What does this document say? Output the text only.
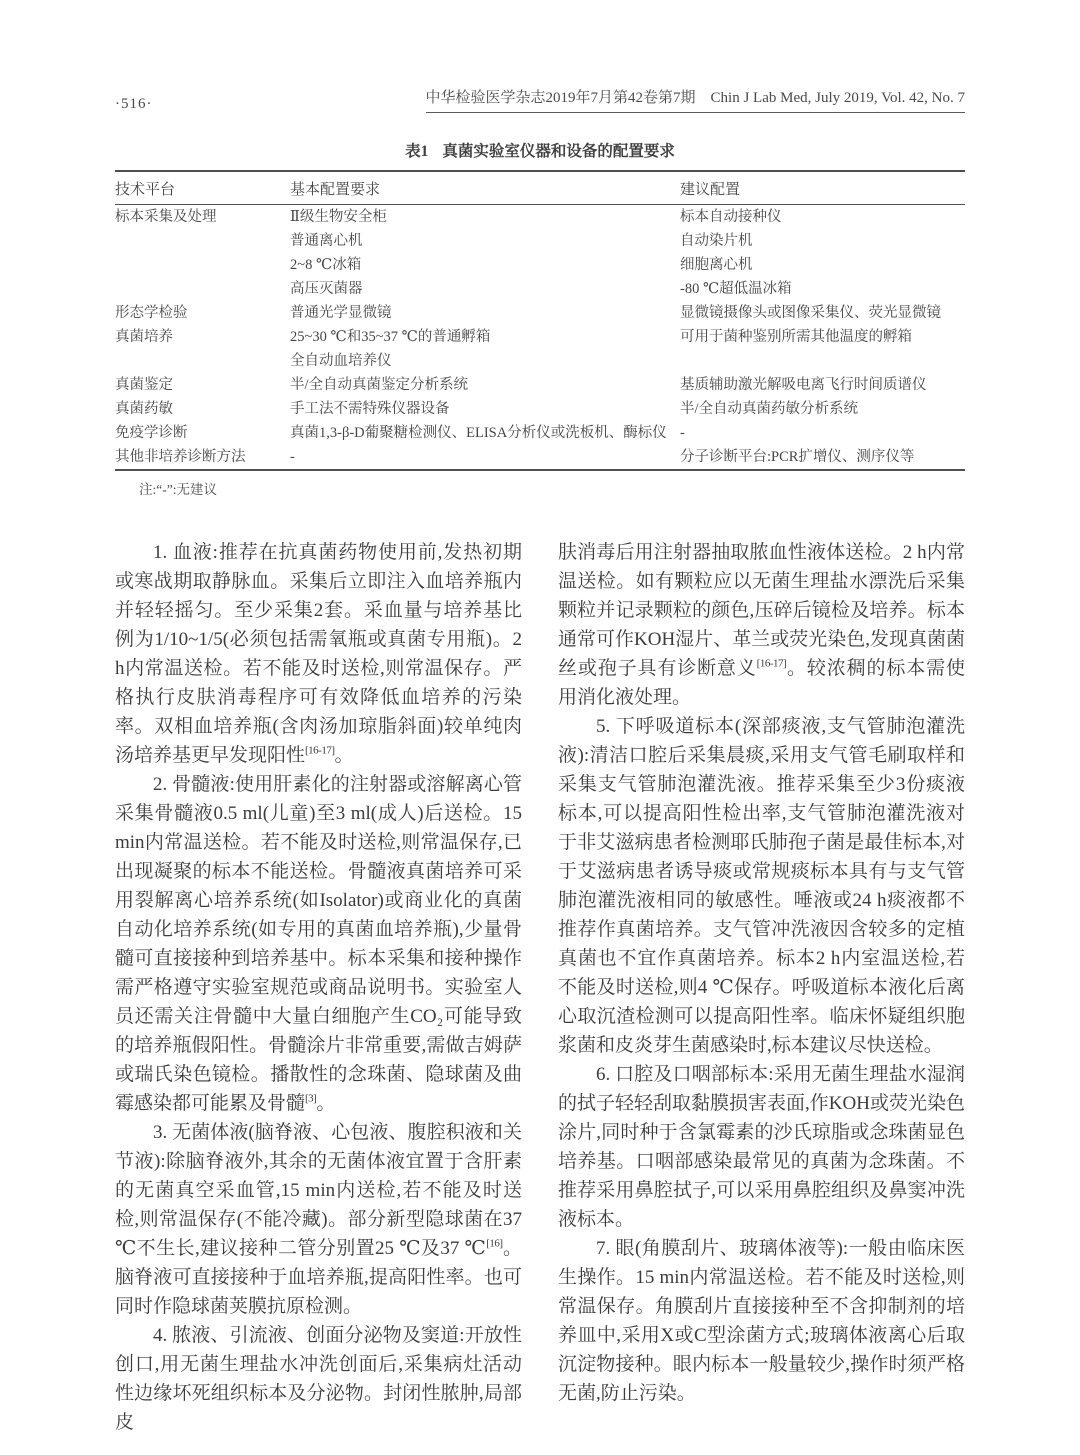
·516·	中华检验医学杂志2019年7月第42卷第7期　Chin J Lab Med, July 2019, Vol. 42, No. 7
表1 真菌实验室仪器和设备的配置要求
技术平台	基本配置要求	建议配置
标本采集及处理	Ⅱ级生物安全柜	标本自动接种仪
	普通离心机	自动染片机
	2~8 ℃冰箱	细胞离心机
	高压灭菌器	-80 ℃超低温冰箱
形态学检验	普通光学显微镜	显微镜摄像头或图像采集仪、荧光显微镜
真菌培养	25~30 ℃和35~37 ℃的普通孵箱	可用于菌种鉴别所需其他温度的孵箱
	全自动血培养仪	
真菌鉴定	半/全自动真菌鉴定分析系统	基质辅助激光解吸电离飞行时间质谱仪
真菌药敏	手工法不需特殊仪器设备	半/全自动真菌药敏分析系统
免疫学诊断	真菌1,3-β-D葡聚糖检测仪、ELISA分析仪或洗板机、酶标仪	-
其他非培养诊断方法	-	分子诊断平台:PCR扩增仪、测序仪等
注:“-”:无建议

1. 血液:推荐在抗真菌药物使用前,发热初期或寒战期取静脉血。采集后立即注入血培养瓶内并轻轻摇匀。至少采集2套。采血量与培养基比例为1/10~1/5(必须包括需氧瓶或真菌专用瓶)。2 h内常温送检。若不能及时送检,则常温保存。严格执行皮肤消毒程序可有效降低血培养的污染率。双相血培养瓶(含肉汤加琼脂斜面)较单纯肉汤培养基更早发现阳性[16-17]。

2. 骨髓液:使用肝素化的注射器或溶解离心管采集骨髓液0.5 ml(儿童)至3 ml(成人)后送检。15 min内常温送检。若不能及时送检,则常温保存,已出现凝聚的标本不能送检。骨髓液真菌培养可采用裂解离心培养系统(如Isolator)或商业化的真菌自动化培养系统(如专用的真菌血培养瓶),少量骨髓可直接接种到培养基中。标本采集和接种操作需严格遵守实验室规范或商品说明书。实验室人员还需关注骨髓中大量白细胞产生CO₂可能导致的培养瓶假阳性。骨髓涂片非常重要,需做吉姆萨或瑞氏染色镜检。播散性的念珠菌、隐球菌及曲霉感染都可能累及骨髓[3]。

3. 无菌体液(脑脊液、心包液、腹腔积液和关节液):除脑脊液外,其余的无菌体液宜置于含肝素的无菌真空采血管,15 min内送检,若不能及时送检,则常温保存(不能冷藏)。部分新型隐球菌在37 ℃不生长,建议接种二管分别置25 ℃及37 ℃[16]。脑脊液可直接接种于血培养瓶,提高阳性率。也可同时作隐球菌荚膜抗原检测。

4. 脓液、引流液、创面分泌物及窦道:开放性创口,用无菌生理盐水冲洗创面后,采集病灶活动性边缘坏死组织标本及分泌物。封闭性脓肿,局部皮

肤消毒后用注射器抽取脓血性液体送检。2 h内常温送检。如有颗粒应以无菌生理盐水漂洗后采集颗粒并记录颗粒的颜色,压碎后镜检及培养。标本通常可作KOH湿片、革兰或荧光染色,发现真菌菌丝或孢子具有诊断意义[16-17]。较浓稠的标本需使用消化液处理。

5. 下呼吸道标本(深部痰液,支气管肺泡灌洗液):清洁口腔后采集晨痰,采用支气管毛刷取样和采集支气管肺泡灌洗液。推荐采集至少3份痰液标本,可以提高阳性检出率,支气管肺泡灌洗液对于非艾滋病患者检测耶氏肺孢子菌是最佳标本,对于艾滋病患者诱导痰或常规痰标本具有与支气管肺泡灌洗液相同的敏感性。唾液或24 h痰液都不推荐作真菌培养。支气管冲洗液因含较多的定植真菌也不宜作真菌培养。标本2 h内室温送检,若不能及时送检,则4 ℃保存。呼吸道标本液化后离心取沉渣检测可以提高阳性率。临床怀疑组织胞浆菌和皮炎芽生菌感染时,标本建议尽快送检。

6. 口腔及口咽部标本:采用无菌生理盐水湿润的拭子轻轻刮取黏膜损害表面,作KOH或荧光染色涂片,同时种于含氯霉素的沙氏琼脂或念珠菌显色培养基。口咽部感染最常见的真菌为念珠菌。不推荐采用鼻腔拭子,可以采用鼻腔组织及鼻窦冲洗液标本。

7. 眼(角膜刮片、玻璃体液等):一般由临床医生操作。15 min内常温送检。若不能及时送检,则常温保存。角膜刮片直接接种至不含抑制剂的培养皿中,采用X或C型涂菌方式;玻璃体液离心后取沉淀物接种。眼内标本一般量较少,操作时须严格无菌,防止污染。
